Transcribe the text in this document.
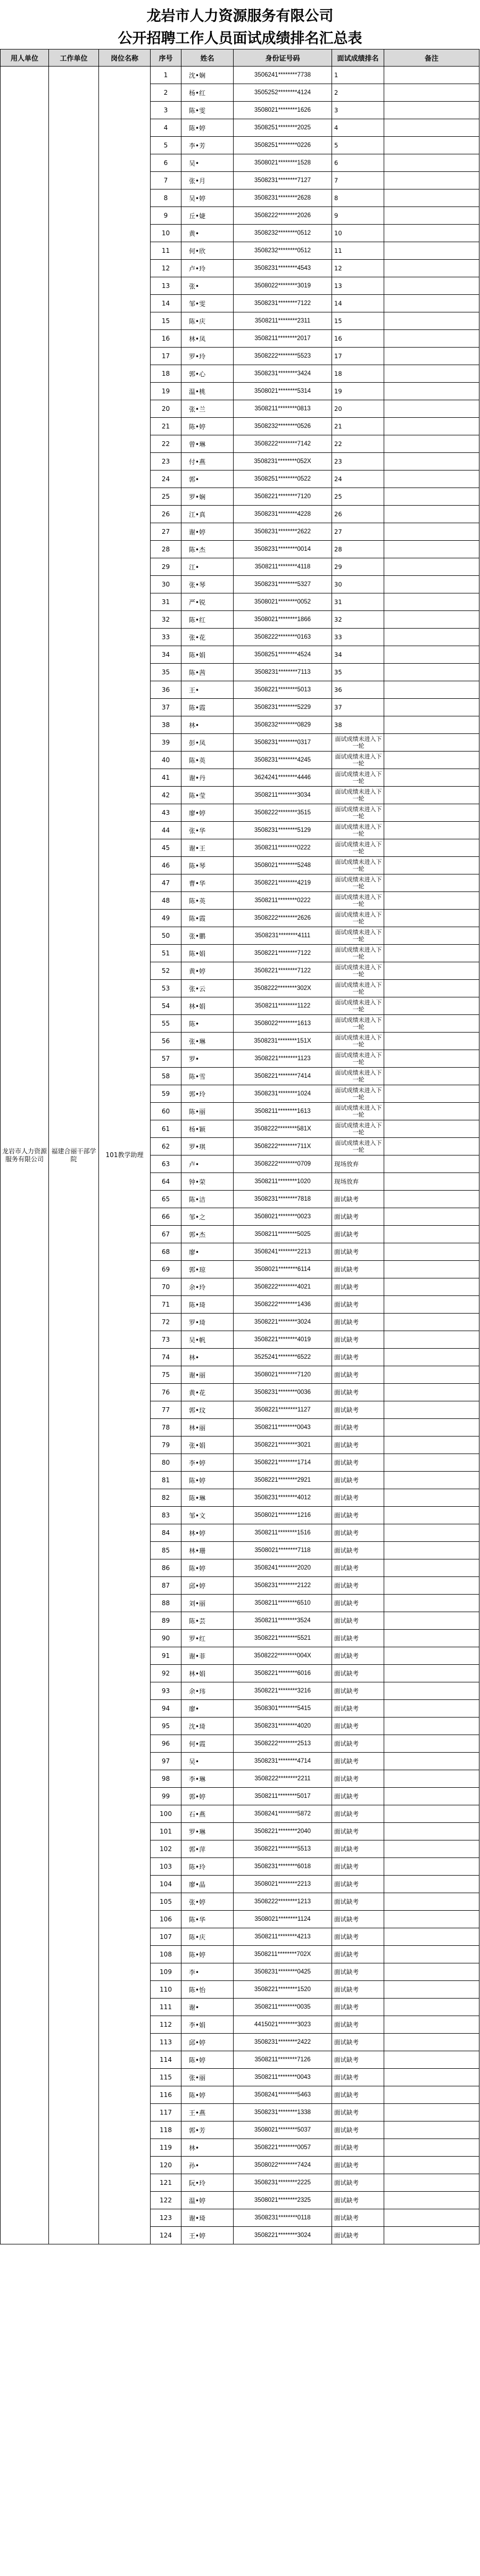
龙岩市人力资源服务有限公司
公开招聘工作人员面试成绩排名汇总表
用人单位	工作单位	岗位名称	序号	姓名	身份证号码	面试成绩排名	备注
龙岩市人力资源服务有限公司	福建合丽干部学院	101教学助理	1	沈•娴	3506241********7738	1	
			2	杨•红	3505252********4124	2	
			3	陈•雯	3508021********1626	3	
			4	陈•婷	3508251********2025	4	
			5	李•芳	3508251********0226	5	
			6	吴•	3508021********1528	6	
			7	张•月	3508231********7127	7	
			8	吴•婷	3508231********2628	8	
			9	丘•婕	3508222********2026	9	
			10	黄•	3508232********0512	10	
			11	何•欣	3508232********0512	11	
			12	卢•玲	3508231********4543	12	
			13	张•	3508022********3019	13	
			14	邹•雯	3508231********7122	14	
			15	陈•庆	3508211********2311	15	
			16	林•凤	3508211********2017	16	
			17	罗•玲	3508222********5523	17	
			18	郭•心	3508231********3424	18	
			19	温•桃	3508021********5314	19	
			20	张•兰	3508211********0813	20	
			21	陈•婷	3508232********0526	21	
			22	曾•琳	3508222********7142	22	
			23	付•燕	3508231********052X	23	
			24	郭•	3508251********0522	24	
			25	罗•娴	3508221********7120	25	
			26	江•真	3508231********4228	26	
			27	谢•婷	3508231********2622	27	
			28	陈•杰	3508231********0014	28	
			29	江•	3508211********4118	29	
			30	张•琴	3508231********5327	30	
			31	严•锐	3508021********0052	31	
			32	陈•红	3508021********1866	32	
			33	张•花	3508222********0163	33	
			34	陈•娟	3508251********4524	34	
			35	陈•茜	3508231********7113	35	
			36	王•	3508221********5013	36	
			37	陈•霞	3508231********5229	37	
			38	林•	3508232********0829	38	
			39	彭•凤	3508231********0317	面试成绩未进入下一轮	
			40	陈•英	3508231********4245	面试成绩未进入下一轮	
			41	谢•丹	3624241********4446	面试成绩未进入下一轮	
			42	陈•莹	3508211********3034	面试成绩未进入下一轮	
			43	廖•婷	3508222********3515	面试成绩未进入下一轮	
			44	张•华	3508231********5129	面试成绩未进入下一轮	
			45	谢•王	3508211********0222	面试成绩未进入下一轮	
			46	陈•琴	3508021********5248	面试成绩未进入下一轮	
			47	曹•华	3508221********4219	面试成绩未进入下一轮	
			48	陈•英	3508211********0222	面试成绩未进入下一轮	
			49	陈•霞	3508222********2626	面试成绩未进入下一轮	
			50	张•鹏	3508231********4111	面试成绩未进入下一轮	
			51	陈•娟	3508221********7122	面试成绩未进入下一轮	
			52	黄•婷	3508221********7122	面试成绩未进入下一轮	
			53	张•云	3508222********302X	面试成绩未进入下一轮	
			54	林•娟	3508211********1122	面试成绩未进入下一轮	
			55	陈•	3508022********1613	面试成绩未进入下一轮	
			56	张•琳	3508231********151X	面试成绩未进入下一轮	
			57	罗•	3508221********1123	面试成绩未进入下一轮	
			58	陈•雪	3508221********7414	面试成绩未进入下一轮	
			59	郭•玲	3508231********1024	面试成绩未进入下一轮	
			60	陈•丽	3508211********1613	面试成绩未进入下一轮	
			61	杨•颖	3508222********581X	面试成绩未进入下一轮	
			62	罗•琪	3508222********711X	面试成绩未进入下一轮	
			63	卢•	3508222********0709	现场放弃	
			64	钟•荣	3508211********1020	现场放弃	
			65	陈•洁	3508231********7818	面试缺考	
			66	邹•之	3508021********0023	面试缺考	
			67	郭•杰	3508211********5025	面试缺考	
			68	廖•	3508241********2213	面试缺考	
			69	郭•琼	3508021********6114	面试缺考	
			70	余•玲	3508222********4021	面试缺考	
			71	陈•琦	3508222********1436	面试缺考	
			72	罗•琦	3508221********3024	面试缺考	
			73	吴•帆	3508221********4019	面试缺考	
			74	林•	3525241********6522	面试缺考	
			75	谢•丽	3508021********7120	面试缺考	
			76	黄•花	3508231********0036	面试缺考	
			77	郭•玟	3508221********1127	面试缺考	
			78	林•丽	3508211********0043	面试缺考	
			79	张•娟	3508221********3021	面试缺考	
			80	李•婷	3508221********1714	面试缺考	
			81	陈•婷	3508221********2921	面试缺考	
			82	陈•琳	3508231********4012	面试缺考	
			83	邹•文	3508021********1216	面试缺考	
			84	林•婷	3508211********1516	面试缺考	
			85	林•珊	3508021********7118	面试缺考	
			86	陈•婷	3508241********2020	面试缺考	
			87	邱•婷	3508231********2122	面试缺考	
			88	刘•丽	3508211********6510	面试缺考	
			89	陈•芸	3508211********3524	面试缺考	
			90	罗•红	3508221********5521	面试缺考	
			91	谢•菲	3508222********004X	面试缺考	
			92	林•娟	3508221********6016	面试缺考	
			93	余•玮	3508221********3216	面试缺考	
			94	廖•	3508301********5415	面试缺考	
			95	沈•琦	3508231********4020	面试缺考	
			96	何•霞	3508222********2513	面试缺考	
			97	吴•	3508231********4714	面试缺考	
			98	李•琳	3508222********2211	面试缺考	
			99	郭•婷	3508211********5017	面试缺考	
			100	石•燕	3508241********5872	面试缺考	
			101	罗•琳	3508221********2040	面试缺考	
			102	郭•萍	3508221********5513	面试缺考	
			103	陈•玲	3508231********6018	面试缺考	
			104	廖•晶	3508021********2213	面试缺考	
			105	张•婷	3508222********1213	面试缺考	
			106	陈•华	3508021********1124	面试缺考	
			107	陈•庆	3508211********4213	面试缺考	
			108	陈•婷	3508211********702X	面试缺考	
			109	李•	3508231********0425	面试缺考	
			110	陈•怡	3508221********1520	面试缺考	
			111	谢•	3508211********0035	面试缺考	
			112	李•娟	4415021********3023	面试缺考	
			113	邱•婷	3508231********2422	面试缺考	
			114	陈•婷	3508211********7126	面试缺考	
			115	张•丽	3508211********0043	面试缺考	
			116	陈•婷	3508241********5463	面试缺考	
			117	王•燕	3508231********1338	面试缺考	
			118	郭•芳	3508021********5037	面试缺考	
			119	林•	3508221********0057	面试缺考	
			120	孙•	3508022********7424	面试缺考	
			121	阮•玲	3508231********2225	面试缺考	
			122	温•婷	3508021********2325	面试缺考	
			123	谢•琦	3508231********0118	面试缺考	
			124	王•婷	3508221********3024	面试缺考	
